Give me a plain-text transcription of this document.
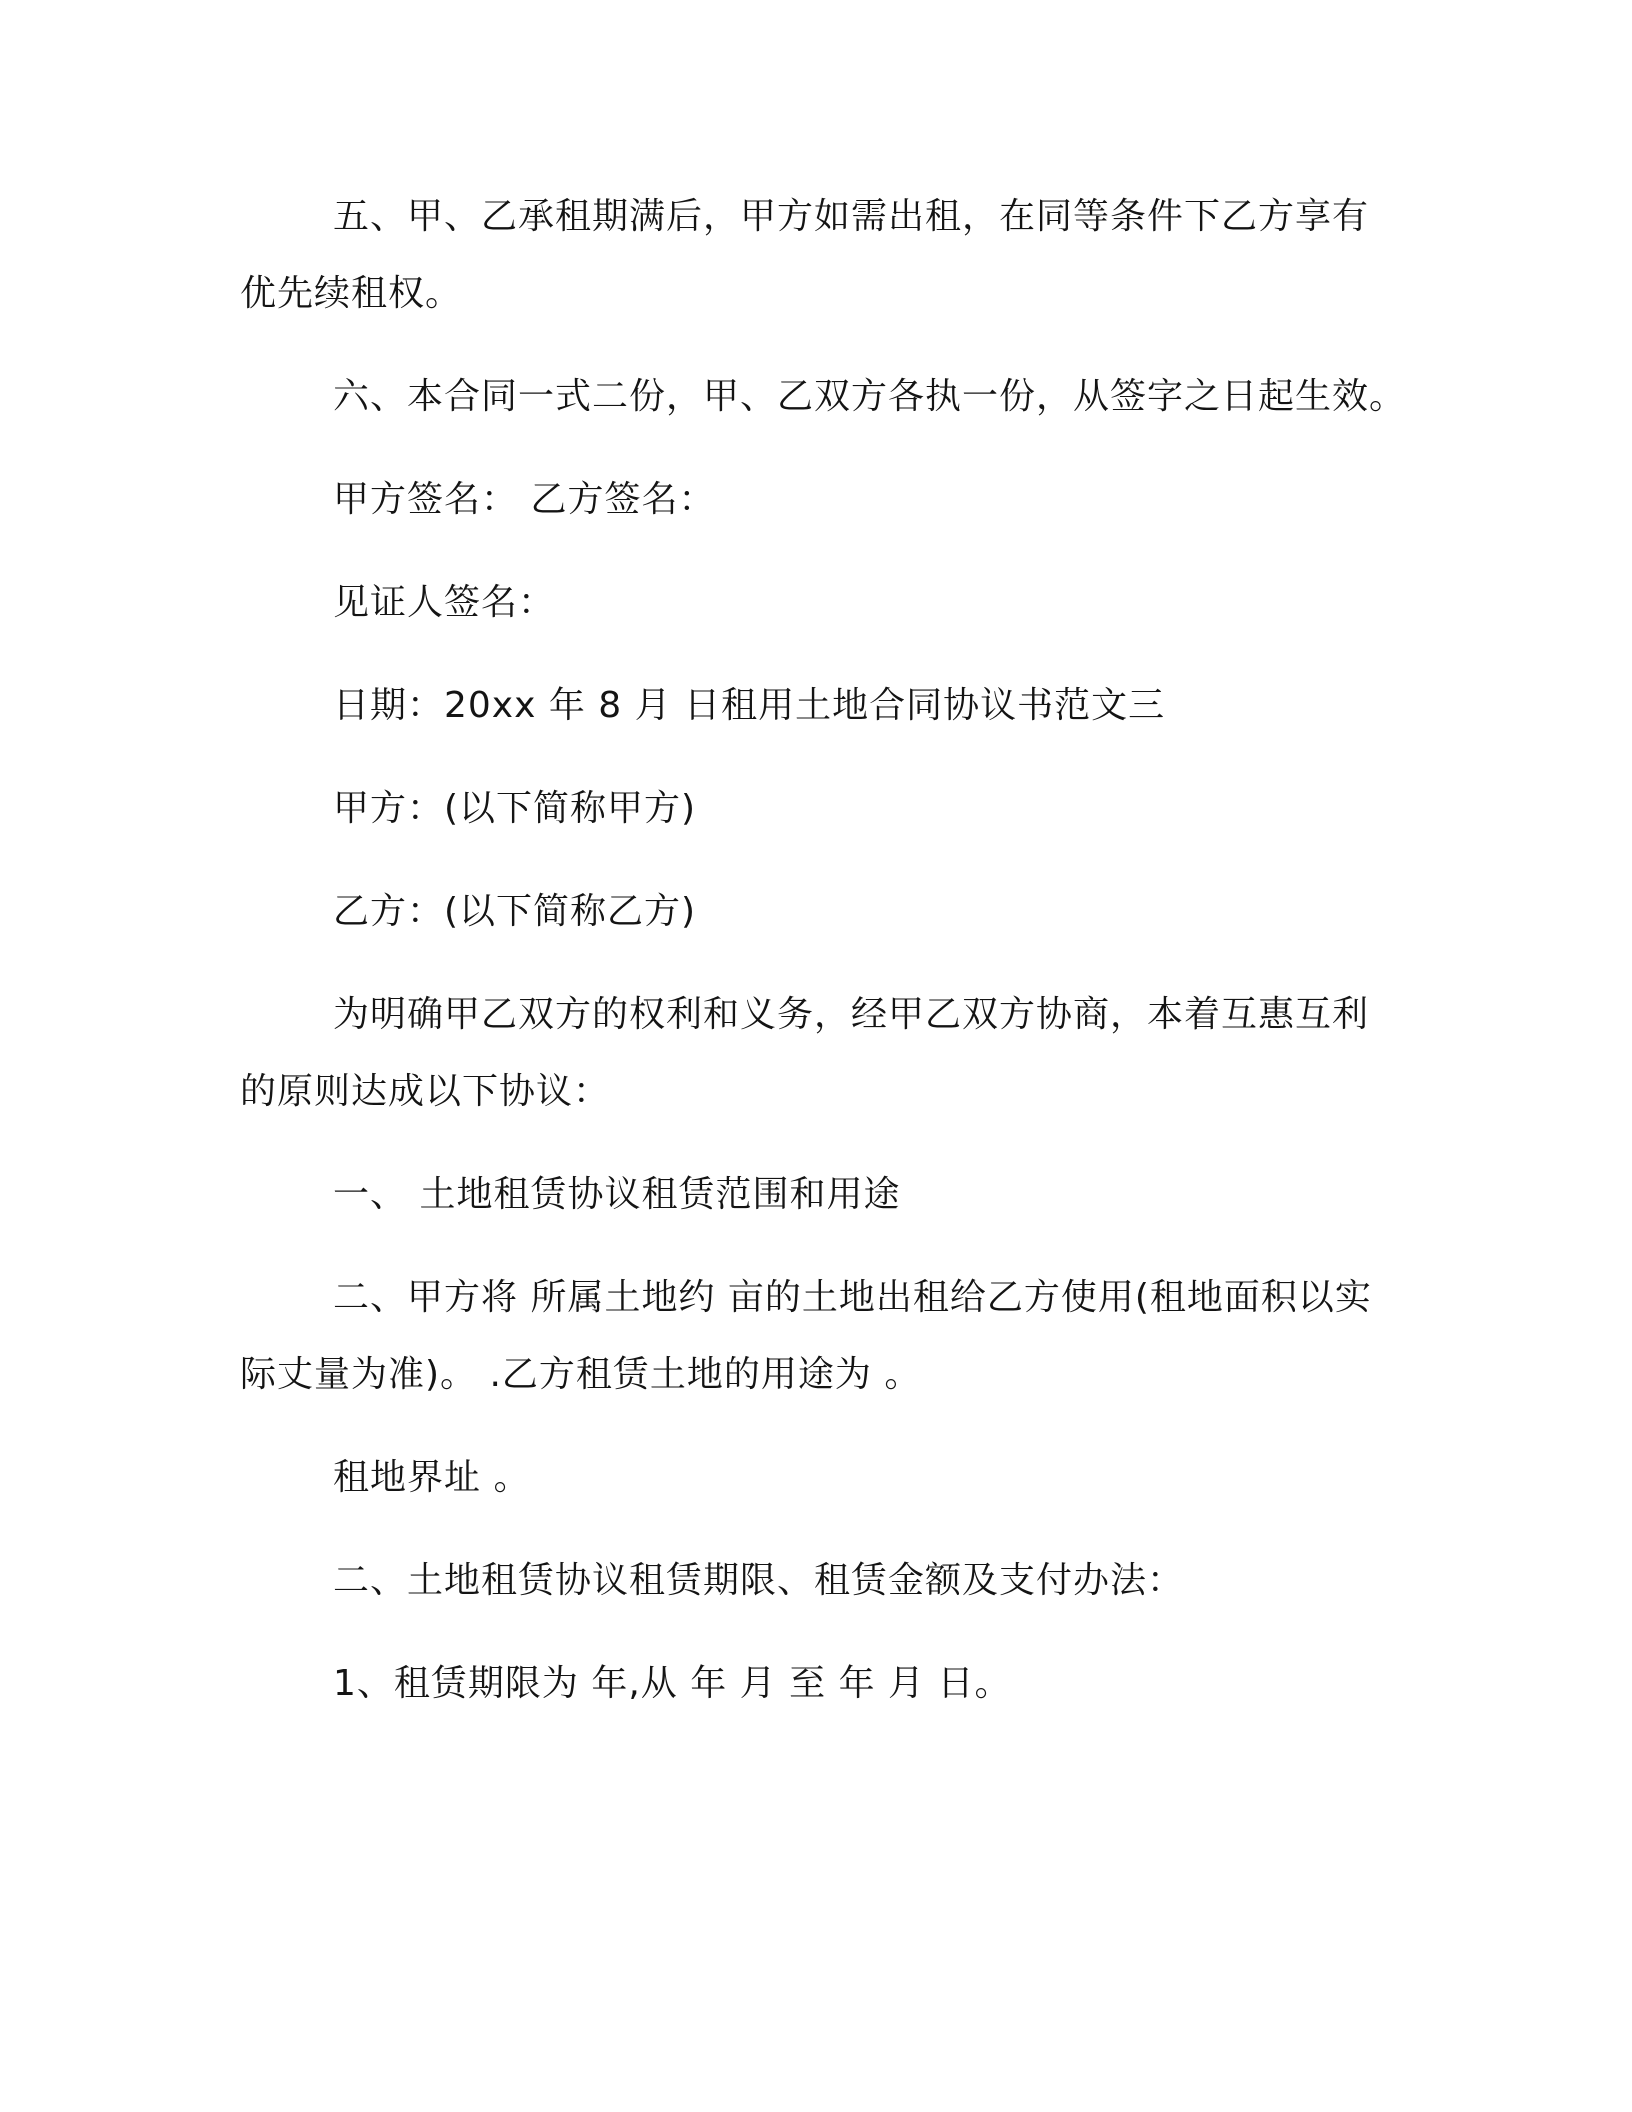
五、甲、乙承租期满后，甲方如需出租，在同等条件下乙方享有
优先续租权。
六、本合同一式二份，甲、乙双方各执一份，从签字之日起生效。
甲方签名： 乙方签名：
见证人签名：
日期：20xx 年 8 月 日租用土地合同协议书范文三
甲方：(以下简称甲方)
乙方：(以下简称乙方)
为明确甲乙双方的权利和义务，经甲乙双方协商，本着互惠互利
的原则达成以下协议：
一、 土地租赁协议租赁范围和用途
二、甲方将 所属土地约 亩的土地出租给乙方使用(租地面积以实
际丈量为准)。 .乙方租赁土地的用途为 。
租地界址 。
二、土地租赁协议租赁期限、租赁金额及支付办法：
1、租赁期限为 年,从 年 月 至 年 月 日。
